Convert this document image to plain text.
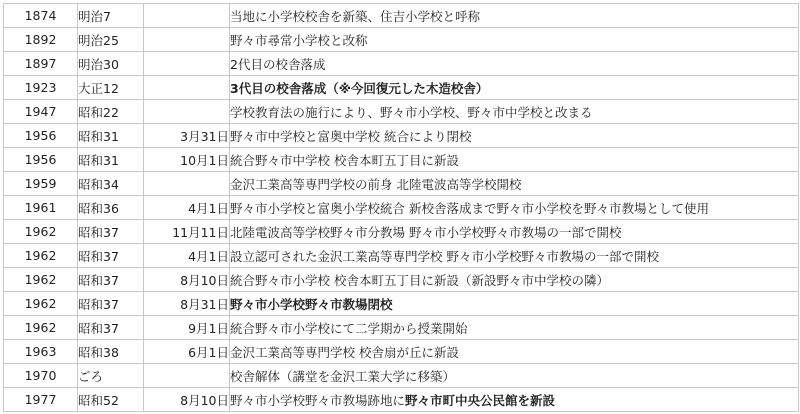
1874	明治7		当地に小学校校舎を新築、住吉小学校と呼称
1892	明治25		野々市尋常小学校と改称
1897	明治30		2代目の校舎落成
1923	大正12		3代目の校舎落成（※今回復元した木造校舎）
1947	昭和22		学校教育法の施行により、野々市小学校、野々市中学校と改まる
1956	昭和31	3月31日	野々市中学校と富奥中学校 統合により閉校
1956	昭和31	10月1日	統合野々市中学校 校舎本町五丁目に新設
1959	昭和34		金沢工業高等専門学校の前身 北陸電波高等学校開校
1961	昭和36	4月1日	野々市小学校と富奥小学校統合 新校舎落成まで野々市小学校を野々市教場として使用
1962	昭和37	11月11日	北陸電波高等学校野々市分教場 野々市小学校野々市教場の一部で開校
1962	昭和37	4月1日	設立認可された金沢工業高等専門学校 野々市小学校野々市教場の一部で開校
1962	昭和37	8月10日	統合野々市小学校 校舎本町五丁目に新設（新設野々市中学校の隣）
1962	昭和37	8月31日	野々市小学校野々市教場閉校
1962	昭和37	9月1日	統合野々市小学校にて二学期から授業開始
1963	昭和38	6月1日	金沢工業高等専門学校 校舎扇が丘に新設
1970	ごろ		校舎解体（講堂を金沢工業大学に移築）
1977	昭和52	8月10日	野々市小学校野々市教場跡地に野々市町中央公民館を新設
